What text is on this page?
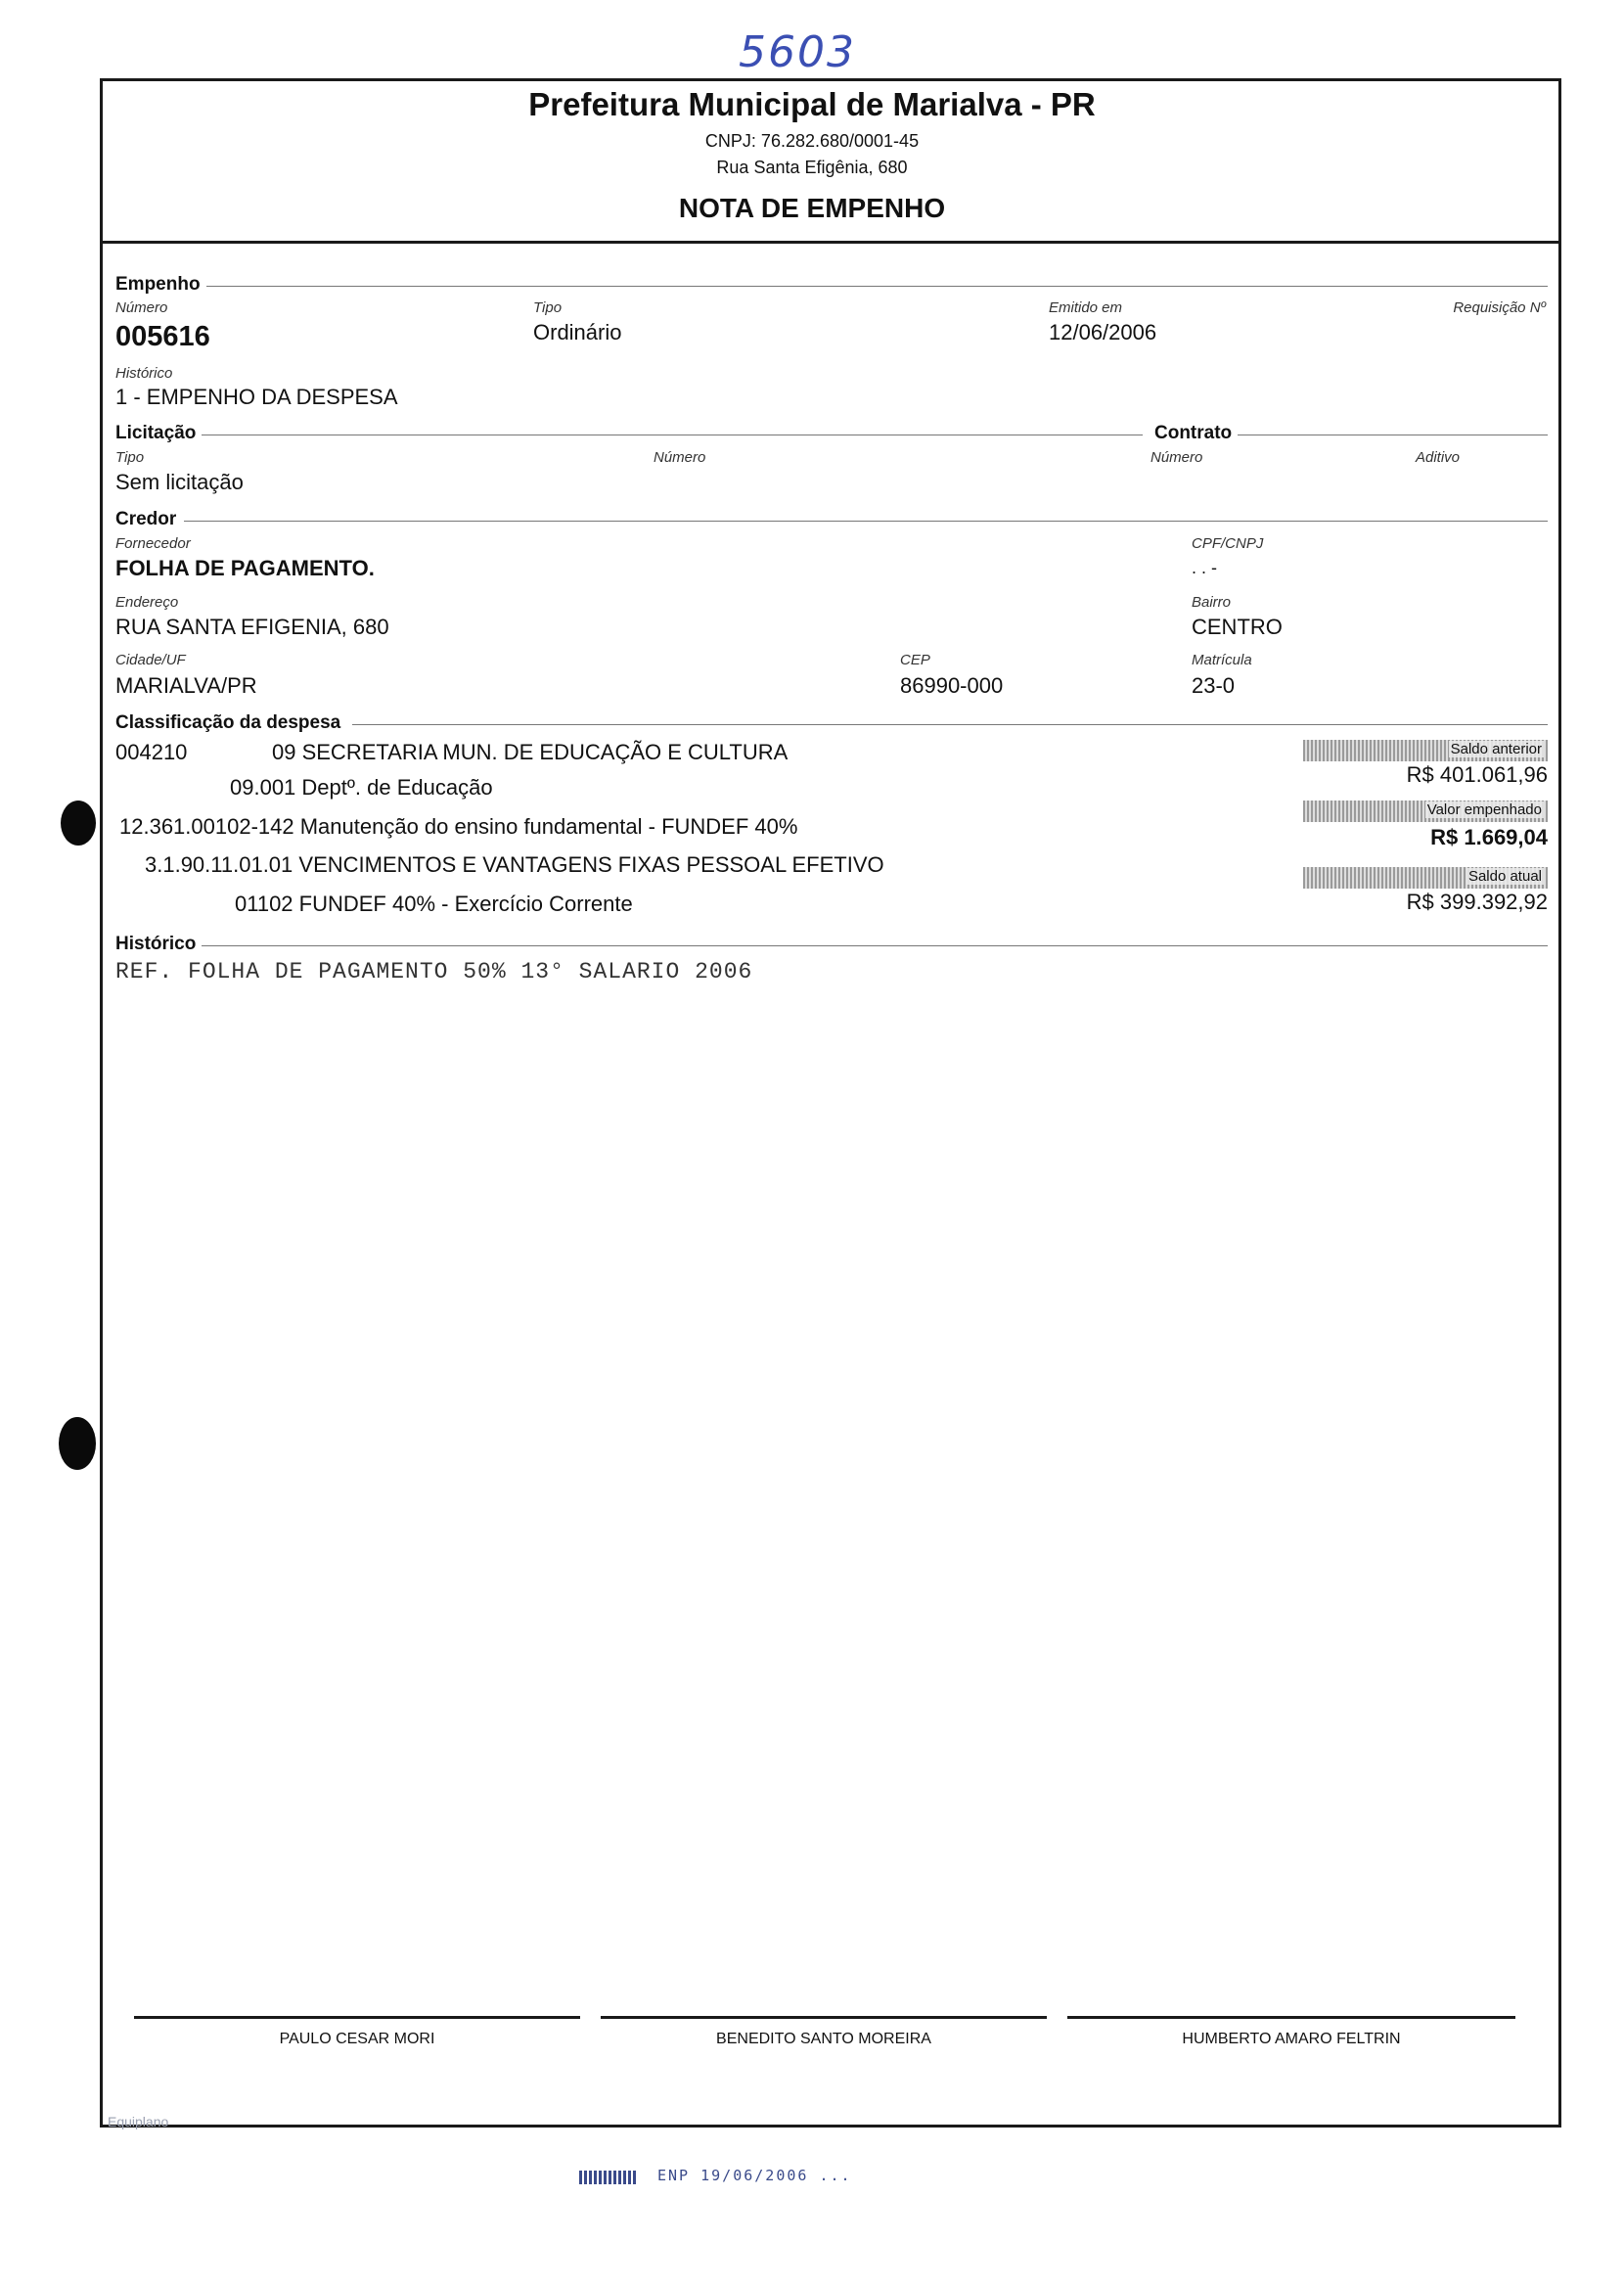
5603
Prefeitura Municipal de Marialva - PR
CNPJ: 76.282.680/0001-45
Rua Santa Efigênia, 680
NOTA DE EMPENHO
Empenho
Número
005616
Tipo
Ordinário
Emitido em
12/06/2006
Requisição Nº
Histórico
1 - EMPENHO DA DESPESA
Licitação	Contrato
Tipo
Sem licitação
Número	Número	Aditivo
Credor
Fornecedor
FOLHA DE PAGAMENTO.
CPF/CNPJ
. . -
Endereço
RUA SANTA EFIGENIA, 680
Bairro
CENTRO
Cidade/UF
MARIALVA/PR
CEP
86990-000
Matrícula
23-0
Classificação da despesa
004210	09 SECRETARIA MUN. DE EDUCAÇÃO E CULTURA
09.001 Deptº. de Educação
12.361.00102-142 Manutenção do ensino fundamental - FUNDEF 40%
3.1.90.11.01.01 VENCIMENTOS E VANTAGENS FIXAS PESSOAL EFETIVO
01102 FUNDEF 40% - Exercício Corrente
Saldo anterior
R$ 401.061,96
Valor empenhado
R$ 1.669,04
Saldo atual
R$ 399.392,92
Histórico
REF. FOLHA DE PAGAMENTO 50% 13° SALARIO 2006
PAULO CESAR MORI	BENEDITO SANTO MOREIRA	HUMBERTO AMARO FELTRIN
Equiplano
ENP 19/06/2006 ...
